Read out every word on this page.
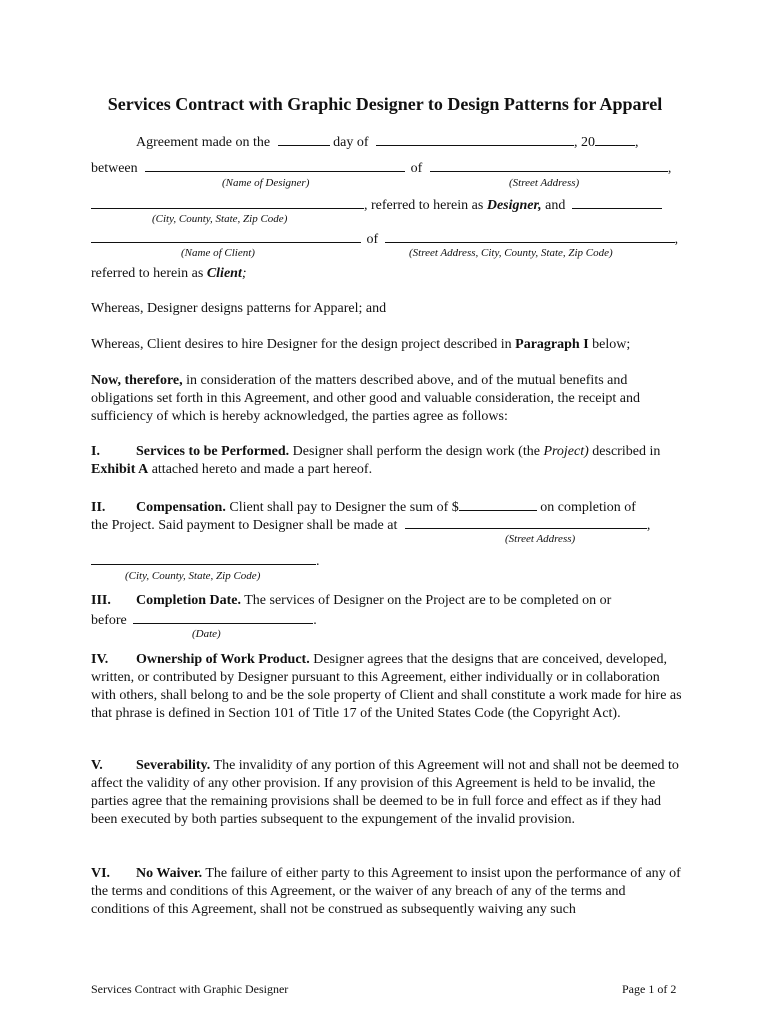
Services Contract with Graphic Designer to Design Patterns for Apparel
Agreement made on the	day of	, 20	,
between	of	,
(Name of Designer)	(Street Address)
, referred to herein as Designer, and
(City, County, State, Zip Code)
of	,
(Name of Client)	(Street Address, City, County, State, Zip Code)
referred to herein as Client;
Whereas, Designer designs patterns for Apparel; and
Whereas, Client desires to hire Designer for the design project described in Paragraph I below;
Now, therefore, in consideration of the matters described above, and of the mutual benefits and obligations set forth in this Agreement, and other good and valuable consideration, the receipt and sufficiency of which is hereby acknowledged, the parties agree as follows:
I.	Services to be Performed. Designer shall perform the design work (the Project) described in Exhibit A attached hereto and made a part hereof.
II. Compensation. Client shall pay to Designer the sum of $	on completion of
the Project. Said payment to Designer shall be made at	,
(Street Address)
.
(City, County, State, Zip Code)
III. Completion Date. The services of Designer on the Project are to be completed on or
before	.
(Date)
IV. Ownership of Work Product. Designer agrees that the designs that are conceived, developed, written, or contributed by Designer pursuant to this Agreement, either individually or in collaboration with others, shall belong to and be the sole property of Client and shall constitute a work made for hire as that phrase is defined in Section 101 of Title 17 of the United States Code (the Copyright Act).
V. Severability. The invalidity of any portion of this Agreement will not and shall not be deemed to affect the validity of any other provision. If any provision of this Agreement is held to be invalid, the parties agree that the remaining provisions shall be deemed to be in full force and effect as if they had been executed by both parties subsequent to the expungement of the invalid provision.
VI. No Waiver. The failure of either party to this Agreement to insist upon the performance of any of the terms and conditions of this Agreement, or the waiver of any breach of any of the terms and conditions of this Agreement, shall not be construed as subsequently waiving any such
Services Contract with Graphic Designer	Page 1 of 2
